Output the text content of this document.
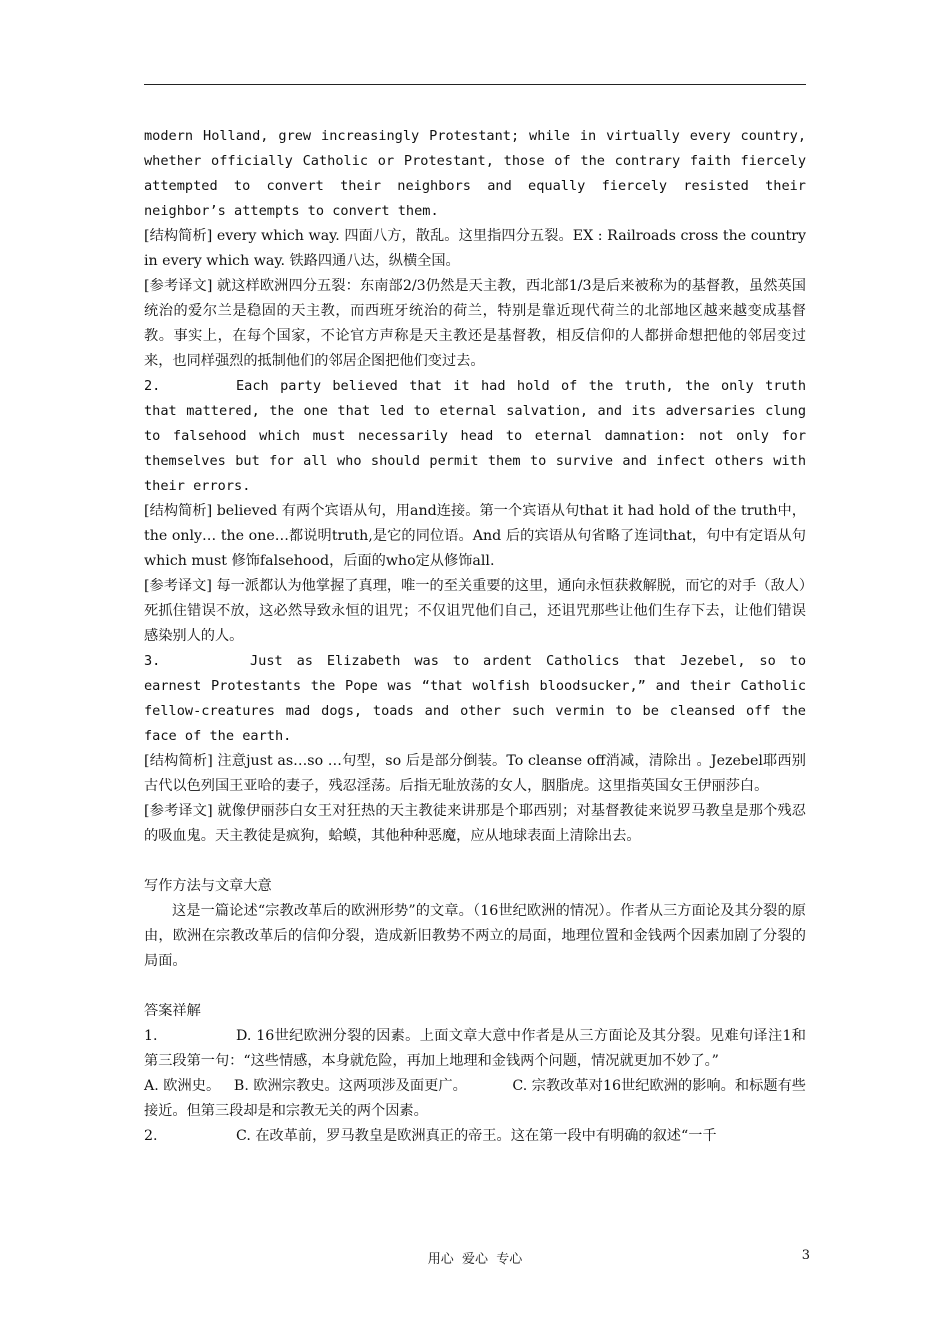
modern Holland, grew increasingly Protestant; while in virtually every country, whether officially Catholic or Protestant, those of the contrary faith fiercely attempted to convert their neighbors and equally fiercely resisted their neighbor’s attempts to convert them.

[结构简析] every which way. 四面八方，散乱。这里指四分五裂。EX : Railroads cross the country in every which way. 铁路四通八达，纵横全国。

[参考译文] 就这样欧洲四分五裂：东南部2/3仍然是天主教，西北部1/3是后来被称为的基督教，虽然英国统治的爱尔兰是稳固的天主教，而西班牙统治的荷兰，特别是靠近现代荷兰的北部地区越来越变成基督教。事实上，在每个国家，不论官方声称是天主教还是基督教，相反信仰的人都拼命想把他的邻居变过来，也同样强烈的抵制他们的邻居企图把他们变过去。

2.	Each party believed that it had hold of the truth, the only truth that mattered, the one that led to eternal salvation, and its adversaries clung to falsehood which must necessarily head to eternal damnation: not only for themselves but for all who should permit them to survive and infect others with their errors.

[结构简析] believed 有两个宾语从句，用and连接。第一个宾语从句that it had hold of the truth中，the only… the one…都说明truth,是它的同位语。And 后的宾语从句省略了连词that，句中有定语从句which must 修饰falsehood，后面的who定从修饰all.

[参考译文] 每一派都认为他掌握了真理，唯一的至关重要的这里，通向永恒获救解脱，而它的对手（敌人）死抓住错误不放，这必然导致永恒的诅咒；不仅诅咒他们自己，还诅咒那些让他们生存下去，让他们错误感染别人的人。

3.	Just as Elizabeth was to ardent Catholics that Jezebel, so to earnest Protestants the Pope was “that wolfish bloodsucker,” and their Catholic fellow-creatures mad dogs, toads and other such vermin to be cleansed off the face of the earth.

[结构简析] 注意just as…so …句型，so 后是部分倒装。To cleanse off消减，清除出 。Jezebel耶西别古代以色列国王亚哈的妻子，残忍淫荡。后指无耻放荡的女人，胭脂虎。这里指英国女王伊丽莎白。

[参考译文] 就像伊丽莎白女王对狂热的天主教徒来讲那是个耶西别；对基督教徒来说罗马教皇是那个残忍的吸血鬼。天主教徒是疯狗，蛤蟆，其他种种恶魔，应从地球表面上清除出去。

写作方法与文章大意

这是一篇论述“宗教改革后的欧洲形势”的文章。（16世纪欧洲的情况）。作者从三方面论及其分裂的原由，欧洲在宗教改革后的信仰分裂，造成新旧教势不两立的局面，地理位置和金钱两个因素加剧了分裂的局面。

答案祥解

1.	D. 16世纪欧洲分裂的因素。上面文章大意中作者是从三方面论及其分裂。见难句译注1和第三段第一句：“这些情感，本身就危险，再加上地理和金钱两个问题，情况就更加不妙了。”

A. 欧洲史。   B. 欧洲宗教史。这两项涉及面更广。          C. 宗教改革对16世纪欧洲的影响。和标题有些接近。但第三段却是和宗教无关的两个因素。

2.	C. 在改革前，罗马教皇是欧洲真正的帝王。这在第一段中有明确的叙述“一千

用心  爱心  专心	3
